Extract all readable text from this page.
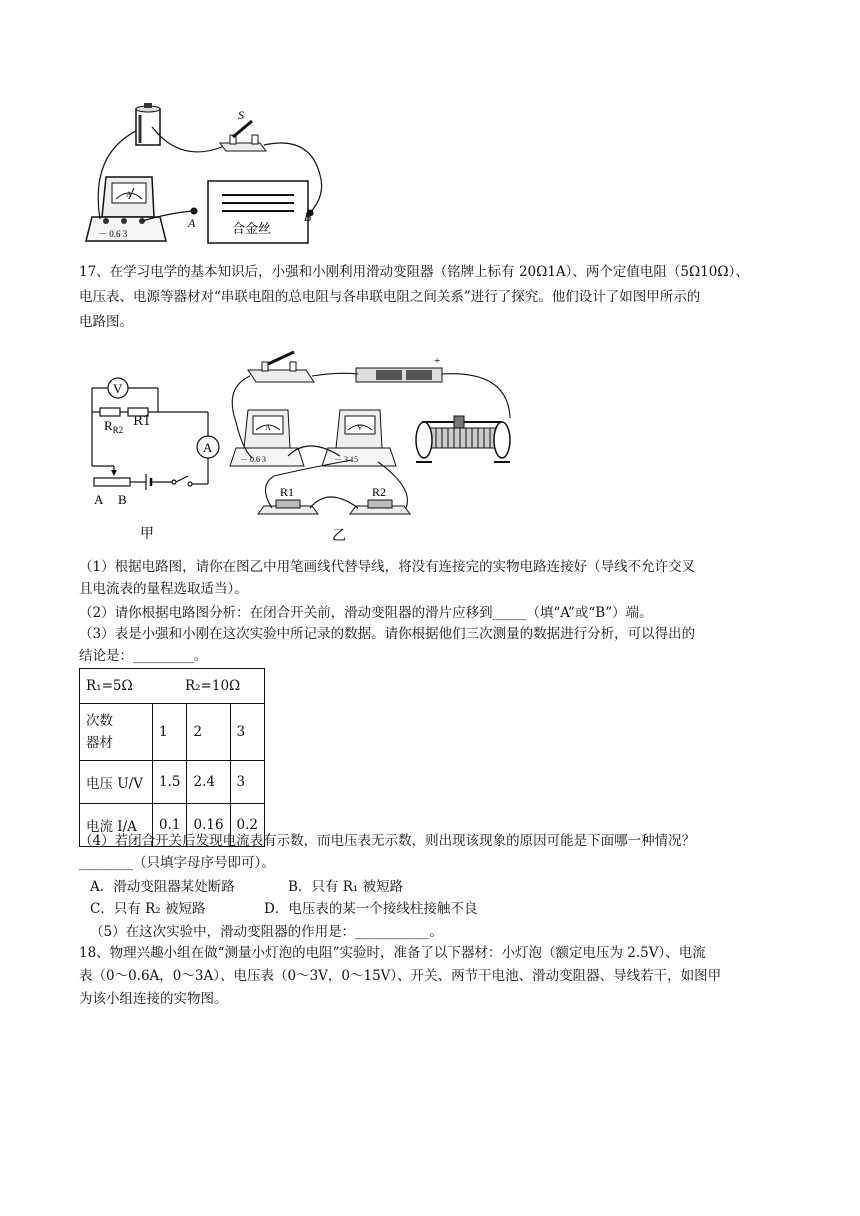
S
A
－ 0.6 3	合金丝
A	B
17、在学习电学的基本知识后，小强和小刚利用滑动变阻器（铭牌上标有 20Ω1A）、两个定值电阻（5Ω10Ω）、
电压表、电源等器材对“串联电阻的总电阻与各串联电阻之间关系”进行了探究。他们设计了如图甲所示的
电路图。
V
A
$R_{R2}$
A B
甲
R1
+
A
－ 0.6 3
V
－ 3 15
R1	R2
乙
（1）根据电路图，请你在图乙中用笔画线代替导线，将没有连接完的实物电路连接好（导线不允许交叉
且电流表的量程选取适当）。
（2）请你根据电路图分析：在闭合开关前，滑动变阻器的滑片应移到_____（填“A”或“B”）端。
（3）表是小强和小刚在这次实验中所记录的数据。请你根据他们三次测量的数据进行分析，可以得出的
结论是：_________。
R₁=5Ω R₂=10Ω			

次数
器材	1	2	3
电压 U/V	1.5	2.4	3
电流 I/A	0.1	0.16	0.2
（4）若闭合开关后发现电流表有示数，而电压表无示数，则出现该现象的原因可能是下面哪一种情况？
________（只填字母序号即可）。
A．滑动变阻器某处断路	B．只有 R₁ 被短路
C．只有 R₂ 被短路	D．电压表的某一个接线柱接触不良
（5）在这次实验中，滑动变阻器的作用是：___________。
18、物理兴趣小组在做“测量小灯泡的电阻”实验时，准备了以下器材：小灯泡（额定电压为 2.5V）、电流
表（0～0.6A，0～3A）、电压表（0～3V，0～15V）、开关、两节干电池、滑动变阻器、导线若干，如图甲
为该小组连接的实物图。
